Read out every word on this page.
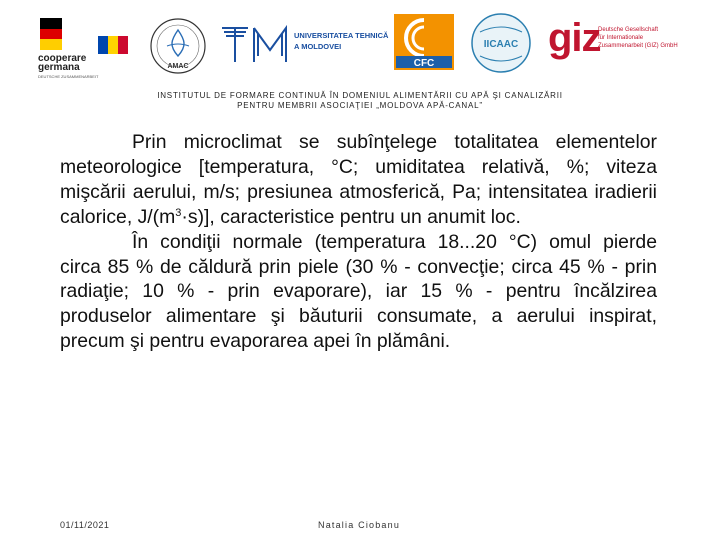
cooperare
germana
DEUTSCHE ZUSAMMENARBEIT
AMAC
UNIVERSITATEA TEHNICĂ
A MOLDOVEI
CFC
IICAAC giz
Deutsche Gesellschaft
für Internationale
Zusammenarbeit (GIZ) GmbH
INSTITUTUL DE FORMARE CONTINUĂ ÎN DOMENIUL ALIMENTĂRII CU APĂ ŞI CANALIZĂRII
PENTRU MEMBRII ASOCIAŢIEI „MOLDOVA APĂ-CANAL”

Prin microclimat se subînţelege totalitatea elementelor meteorologice [temperatura, °C; umiditatea relativă, %; viteza mişcării aerului, m/s; presiunea atmosferică, Pa; intensitatea iradierii calorice, $J/(m^3\cdot s)$], caracteristice pentru un anumit loc.

În condiţii normale (temperatura 18...20 °C) omul pierde circa 85 % de căldură prin piele (30 % - convecţie; circa 45 % - prin radiaţie; 10 % - prin evaporare), iar 15 % - pentru încălzirea produselor alimentare şi băuturii consumate, a aerului inspirat, precum şi pentru evaporarea apei în plămâni.

01/11/2021	Natalia Ciobanu
